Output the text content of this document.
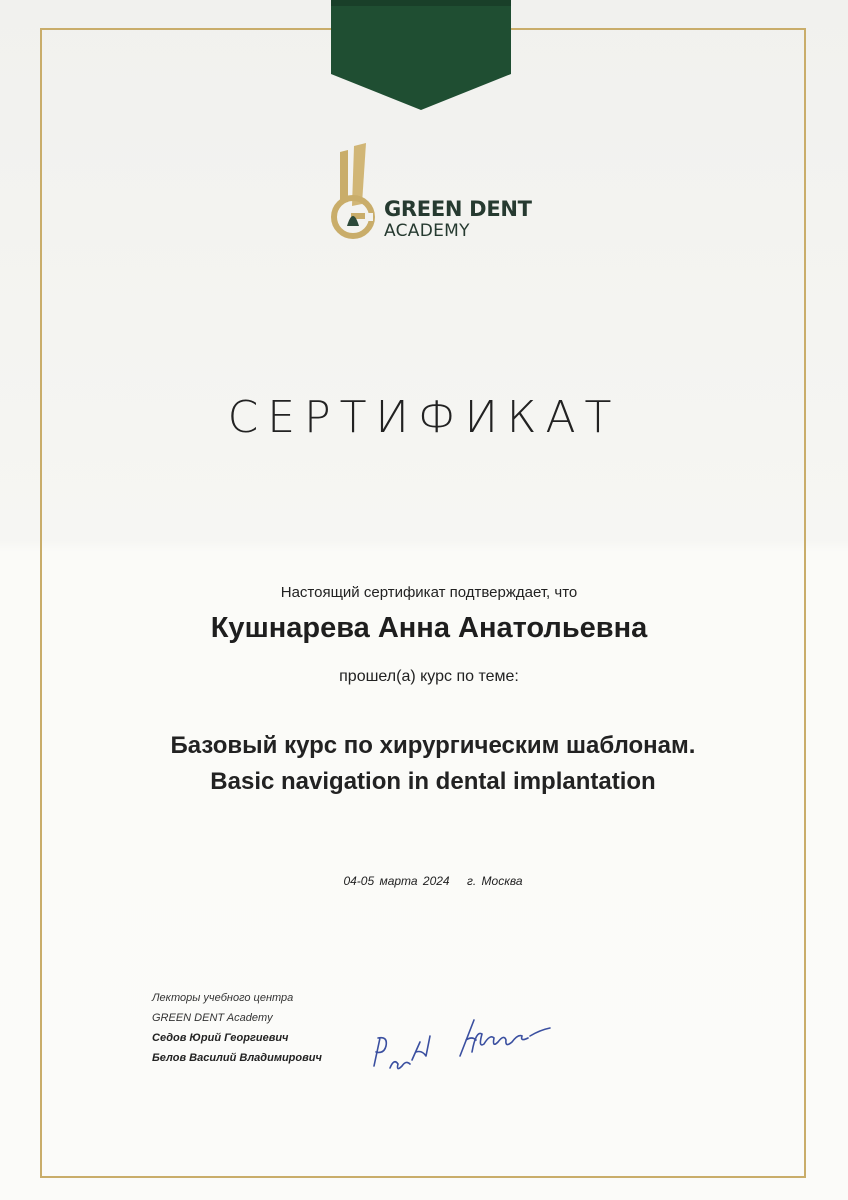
GREEN DENT
ACADEMY
СЕРТИФИКАТ
Настоящий сертификат подтверждает, что
Кушнарева Анна Анатольевна
прошел(а) курс по теме:
Базовый курс по хирургическим шаблонам. Basic navigation in dental implantation
04-05 марта 2024 г. Москва
Лекторы учебного центра
GREEN DENT Academy
Седов Юрий Георгиевич
Белов Василий Владимирович
